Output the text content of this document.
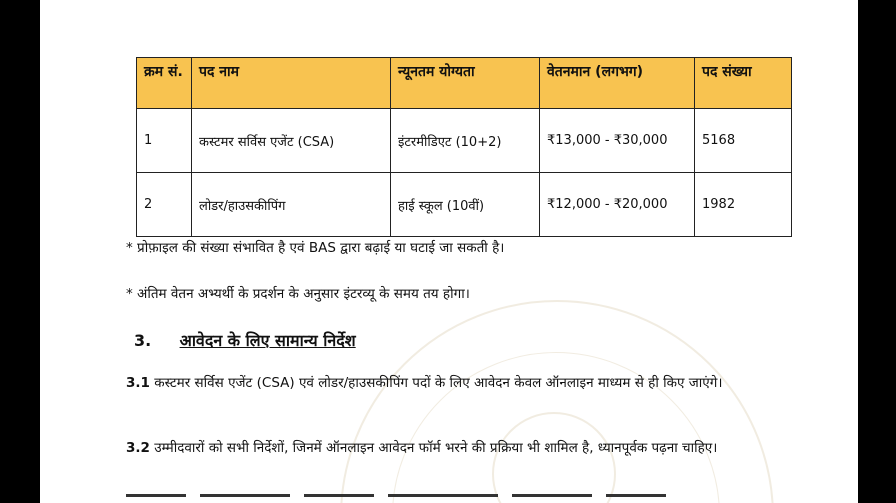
क्रम सं.	पद नाम	न्यूनतम योग्यता	वेतनमान (लगभग)	पद संख्या
1	कस्टमर सर्विस एजेंट (CSA)	इंटरमीडिएट (10+2)	₹13,000 - ₹30,000	5168
2	लोडर/हाउसकीपिंग	हाई स्कूल (10वीं)	₹12,000 - ₹20,000	1982
* प्रोफ़ाइल की संख्या संभावित है एवं BAS द्वारा बढ़ाई या घटाई जा सकती है।
* अंतिम वेतन अभ्यर्थी के प्रदर्शन के अनुसार इंटरव्यू के समय तय होगा।
3. आवेदन के लिए सामान्य निर्देश
3.1 कस्टमर सर्विस एजेंट (CSA) एवं लोडर/हाउसकीपिंग पदों के लिए आवेदन केवल ऑनलाइन माध्यम से ही किए जाएंगे।
3.2 उम्मीदवारों को सभी निर्देशों, जिनमें ऑनलाइन आवेदन फॉर्म भरने की प्रक्रिया भी शामिल है, ध्यानपूर्वक पढ़ना चाहिए।
